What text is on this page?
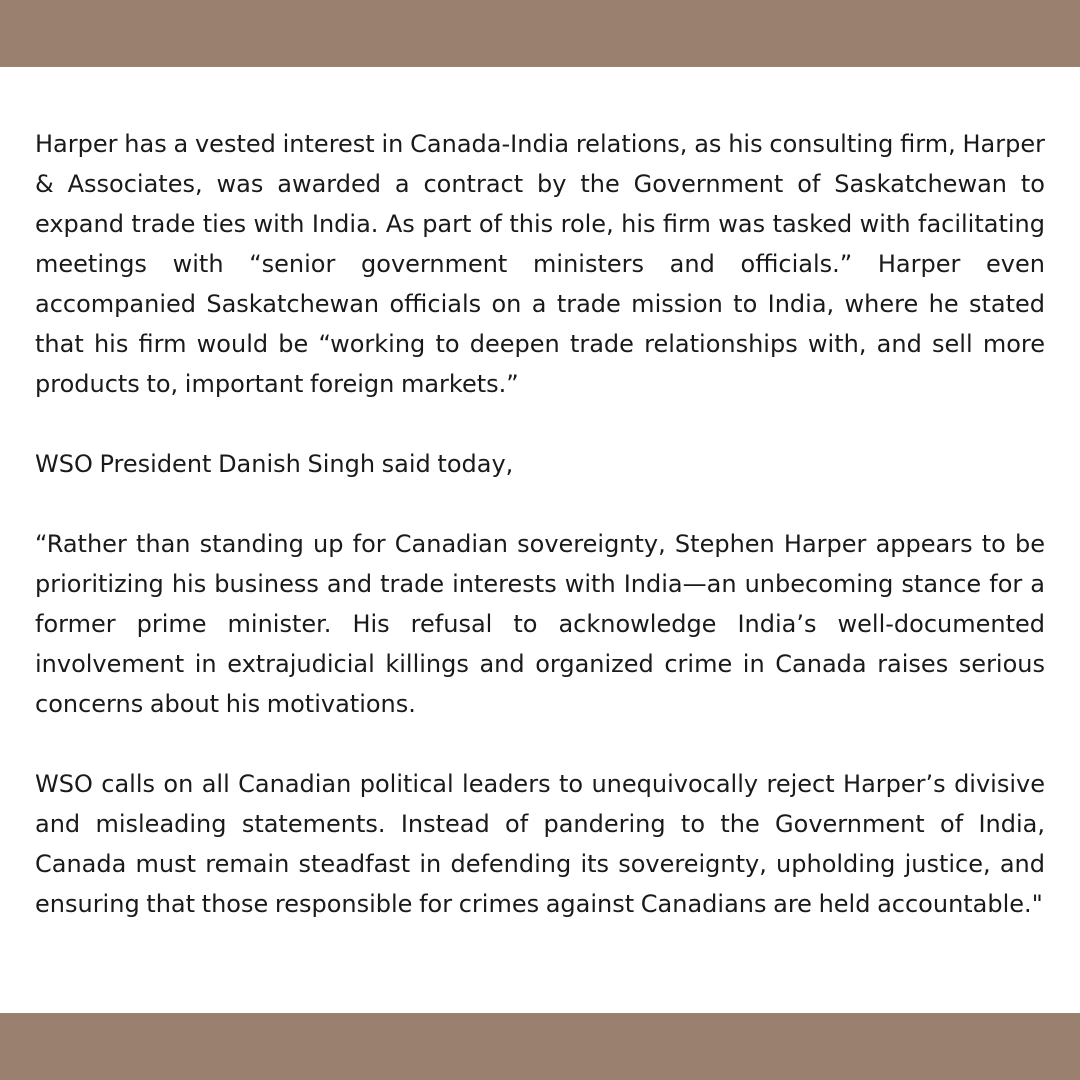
Harper has a vested interest in Canada-India relations, as his consulting firm, Harper & Associates, was awarded a contract by the Government of Saskatchewan to expand trade ties with India. As part of this role, his firm was tasked with facilitating meetings with “senior government ministers and officials.” Harper even accompanied Saskatchewan officials on a trade mission to India, where he stated that his firm would be “working to deepen trade relationships with, and sell more products to, important foreign markets.”

WSO President Danish Singh said today,

“Rather than standing up for Canadian sovereignty, Stephen Harper appears to be prioritizing his business and trade interests with India—an unbecoming stance for a former prime minister. His refusal to acknowledge India’s well-documented involvement in extrajudicial killings and organized crime in Canada raises serious concerns about his motivations.

WSO calls on all Canadian political leaders to unequivocally reject Harper’s divisive and misleading statements. Instead of pandering to the Government of India, Canada must remain steadfast in defending its sovereignty, upholding justice, and ensuring that those responsible for crimes against Canadians are held accountable."
